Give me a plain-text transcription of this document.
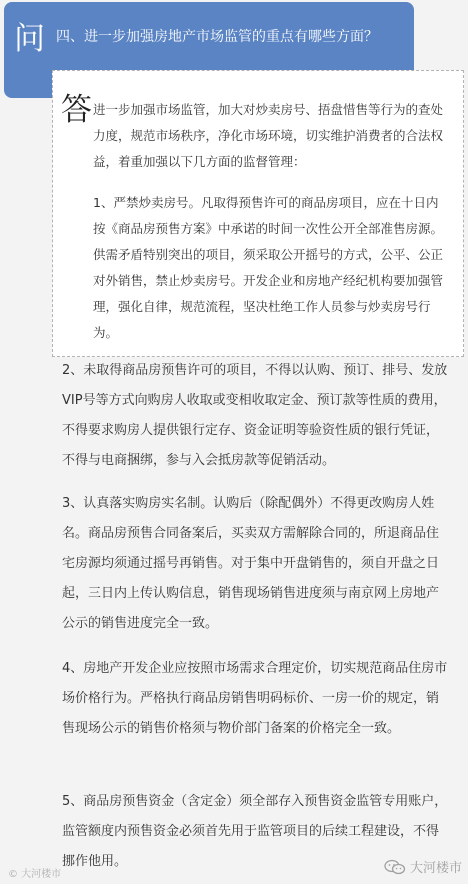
问 四、进一步加强房地产市场监管的重点有哪些方面？
答 进一步加强市场监管，加大对炒卖房号、捂盘惜售等行为的查处力度，规范市场秩序，净化市场环境，切实维护消费者的合法权益，着重加强以下几方面的监督管理：

1、严禁炒卖房号。凡取得预售许可的商品房项目，应在十日内按《商品房预售方案》中承诺的时间一次性公开全部准售房源。供需矛盾特别突出的项目，须采取公开摇号的方式，公平、公正对外销售，禁止炒卖房号。开发企业和房地产经纪机构要加强管理，强化自律，规范流程，坚决杜绝工作人员参与炒卖房号行为。

2、未取得商品房预售许可的项目，不得以认购、预订、排号、发放VIP号等方式向购房人收取或变相收取定金、预订款等性质的费用，不得要求购房人提供银行定存、资金证明等验资性质的银行凭证，不得与电商捆绑，参与入会抵房款等促销活动。

3、认真落实购房实名制。认购后（除配偶外）不得更改购房人姓名。商品房预售合同备案后，买卖双方需解除合同的，所退商品住宅房源均须通过摇号再销售。对于集中开盘销售的，须自开盘之日起，三日内上传认购信息，销售现场销售进度须与南京网上房地产公示的销售进度完全一致。

4、房地产开发企业应按照市场需求合理定价，切实规范商品住房市场价格行为。严格执行商品房销售明码标价、一房一价的规定，销售现场公示的销售价格须与物价部门备案的价格完全一致。

5、商品房预售资金（含定金）须全部存入预售资金监管专用账户，监管额度内预售资金必须首先用于监管项目的后续工程建设，不得挪作他用。

© 大河楼市	大河楼市
